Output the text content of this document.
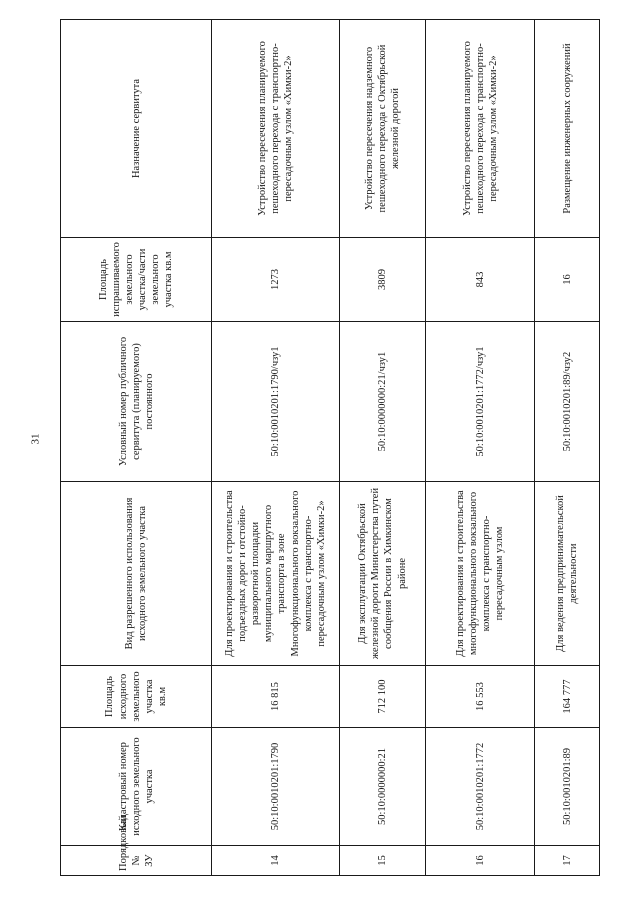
31
Порядковый № ЗУ	Кадастровый номер исходного земельного участка	Площадь исходного земельного участка кв.м	Вид разрешенного использования исходного земельного участка	Условный номер публичного сервитута (планируемого) постоянного	Площадь испрашиваемого земельного участка/части земельного участка кв.м	Назначение сервитута
14	50:10:0010201:1790	16 815	Для проектирования и строительства подъездных дорог и отстойно-разворотной площадки муниципального маршрутного транспорта в зоне Многофункционального вокзального комплекса с транспортно-пересадочным узлом «Химки-2»	50:10:0010201:1790/чзу1	1273	Устройство пересечения планируемого пешеходного перехода с транспортно-пересадочным узлом «Химки-2»
15	50:10:0000000:21	712 100	Для эксплуатации Октябрьской железной дороги Министерства путей сообщения России в Химкинском районе	50:10:0000000:21/чзу1	3809	Устройство пересечения надземного пешеходного перехода с Октябрьской железной дорогой
16	50:10:0010201:1772	16 553	Для проектирования и строительства многофункционального вокзального комплекса с транспортно-пересадочным узлом	50:10:0010201:1772/чзу1	843	Устройство пересечения планируемого пешеходного перехода с транспортно-пересадочным узлом «Химки-2»
17	50:10:0010201:89	164 777	Для ведения предпринимательской деятельности	50:10:0010201:89/чзу2	16	Размещение инженерных сооружений
